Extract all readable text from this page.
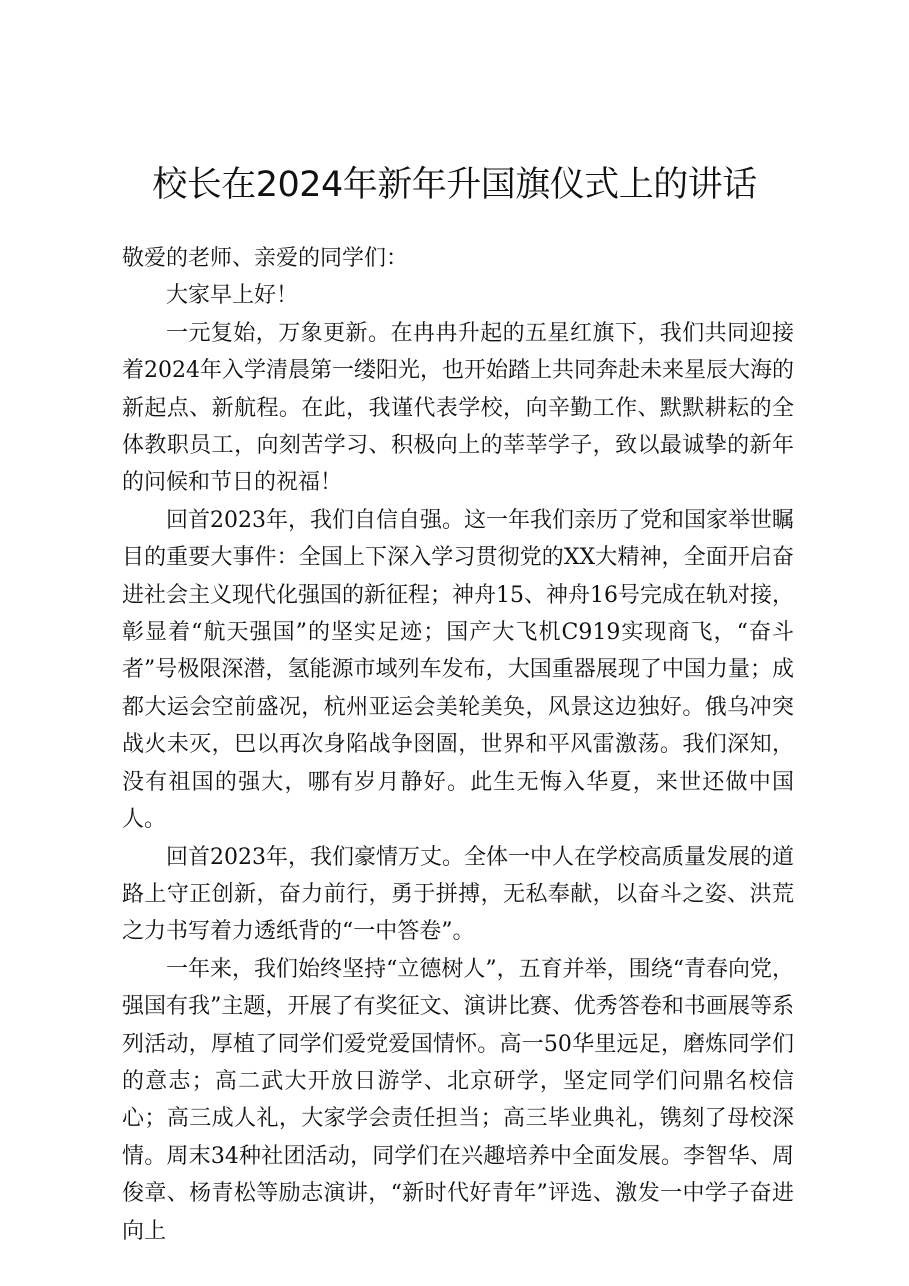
校长在2024年新年升国旗仪式上的讲话

敬爱的老师、亲爱的同学们：

大家早上好！

一元复始，万象更新。在冉冉升起的五星红旗下，我们共同迎接着2024年入学清晨第一缕阳光，也开始踏上共同奔赴未来星辰大海的新起点、新航程。在此，我谨代表学校，向辛勤工作、默默耕耘的全体教职员工，向刻苦学习、积极向上的莘莘学子，致以最诚挚的新年的问候和节日的祝福！

回首2023年，我们自信自强。这一年我们亲历了党和国家举世瞩目的重要大事件：全国上下深入学习贯彻党的XX大精神，全面开启奋进社会主义现代化强国的新征程；神舟15、神舟16号完成在轨对接，彰显着“航天强国”的坚实足迹；国产大飞机C919实现商飞，“奋斗者”号极限深潜，氢能源市域列车发布，大国重器展现了中国力量；成都大运会空前盛况，杭州亚运会美轮美奂，风景这边独好。俄乌冲突战火未灭，巴以再次身陷战争囹圄，世界和平风雷激荡。我们深知，没有祖国的强大，哪有岁月静好。此生无悔入华夏，来世还做中国人。

回首2023年，我们豪情万丈。全体一中人在学校高质量发展的道路上守正创新，奋力前行，勇于拼搏，无私奉献，以奋斗之姿、洪荒之力书写着力透纸背的“一中答卷”。

一年来，我们始终坚持“立德树人”，五育并举，围绕“青春向党，强国有我”主题，开展了有奖征文、演讲比赛、优秀答卷和书画展等系列活动，厚植了同学们爱党爱国情怀。高一50华里远足，磨炼同学们的意志；高二武大开放日游学、北京研学，坚定同学们问鼎名校信心；高三成人礼，大家学会责任担当；高三毕业典礼，镌刻了母校深情。周末34种社团活动，同学们在兴趣培养中全面发展。李智华、周俊章、杨青松等励志演讲，“新时代好青年”评选、激发一中学子奋进向上
